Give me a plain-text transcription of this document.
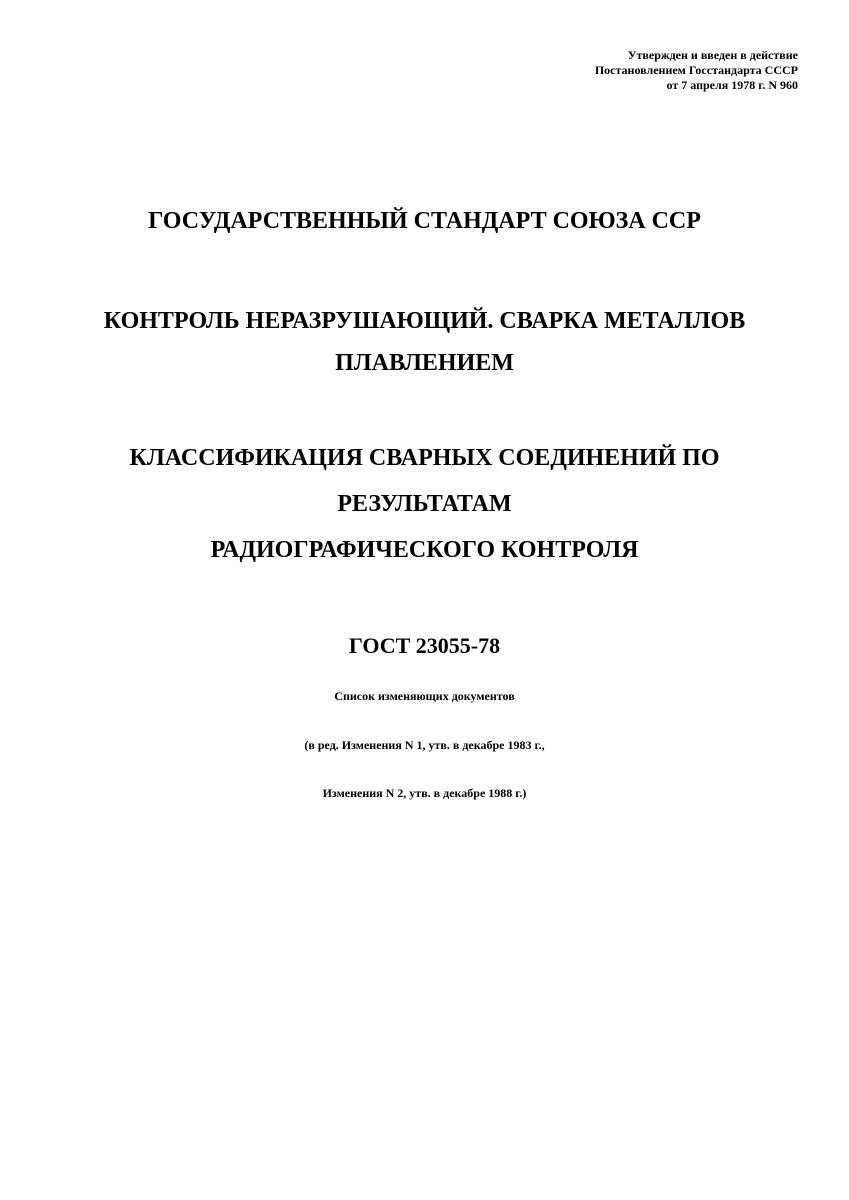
Утвержден и введен в действие
Постановлением Госстандарта СССР
от 7 апреля 1978 г. N 960
ГОСУДАРСТВЕННЫЙ СТАНДАРТ СОЮЗА ССР
КОНТРОЛЬ НЕРАЗРУШАЮЩИЙ. СВАРКА МЕТАЛЛОВ
ПЛАВЛЕНИЕМ
КЛАССИФИКАЦИЯ СВАРНЫХ СОЕДИНЕНИЙ ПО
РЕЗУЛЬТАТАМ
РАДИОГРАФИЧЕСКОГО КОНТРОЛЯ
ГОСТ 23055-78
Список изменяющих документов
(в ред. Изменения N 1, утв. в декабре 1983 г.,
Изменения N 2, утв. в декабре 1988 г.)
